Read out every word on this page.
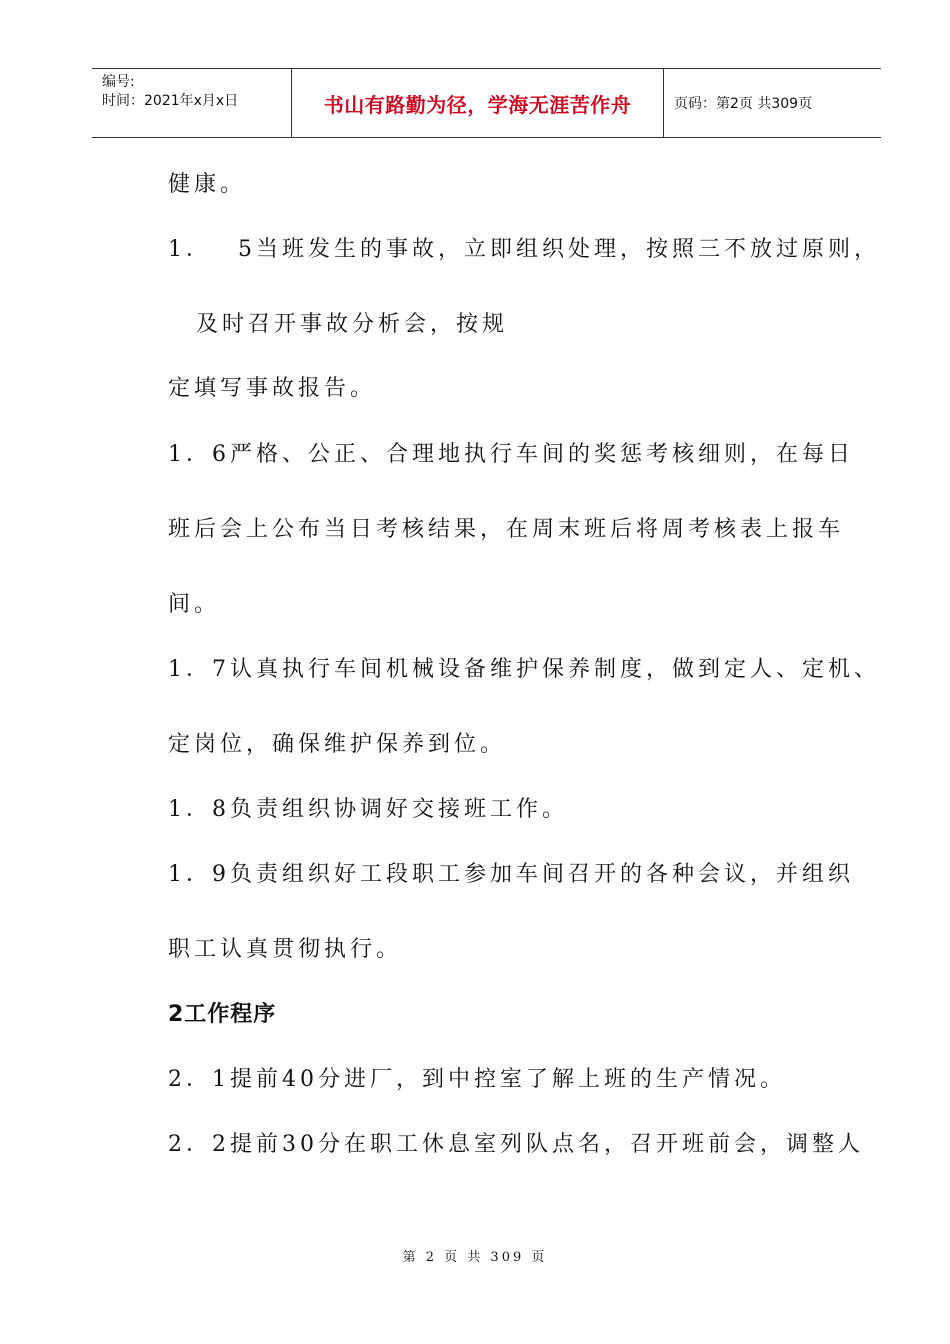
编号:
时间：2021年x月x日	书山有路勤为径，学海无涯苦作舟	页码：第2页 共309页
健康。
1．　 5当班发生的事故，立即组织处理，按照三不放过原则，
及时召开事故分析会，按规
定填写事故报告。
1．6严格、公正、合理地执行车间的奖惩考核细则，在每日
班后会上公布当日考核结果，在周末班后将周考核表上报车
间。
1．7认真执行车间机械设备维护保养制度，做到定人、定机、
定岗位，确保维护保养到位。
1．8负责组织协调好交接班工作。
1．9负责组织好工段职工参加车间召开的各种会议，并组织
职工认真贯彻执行。
2工作程序
2．1提前40分进厂，到中控室了解上班的生产情况。
2．2提前30分在职工休息室列队点名，召开班前会，调整人
第 2 页 共 309 页
